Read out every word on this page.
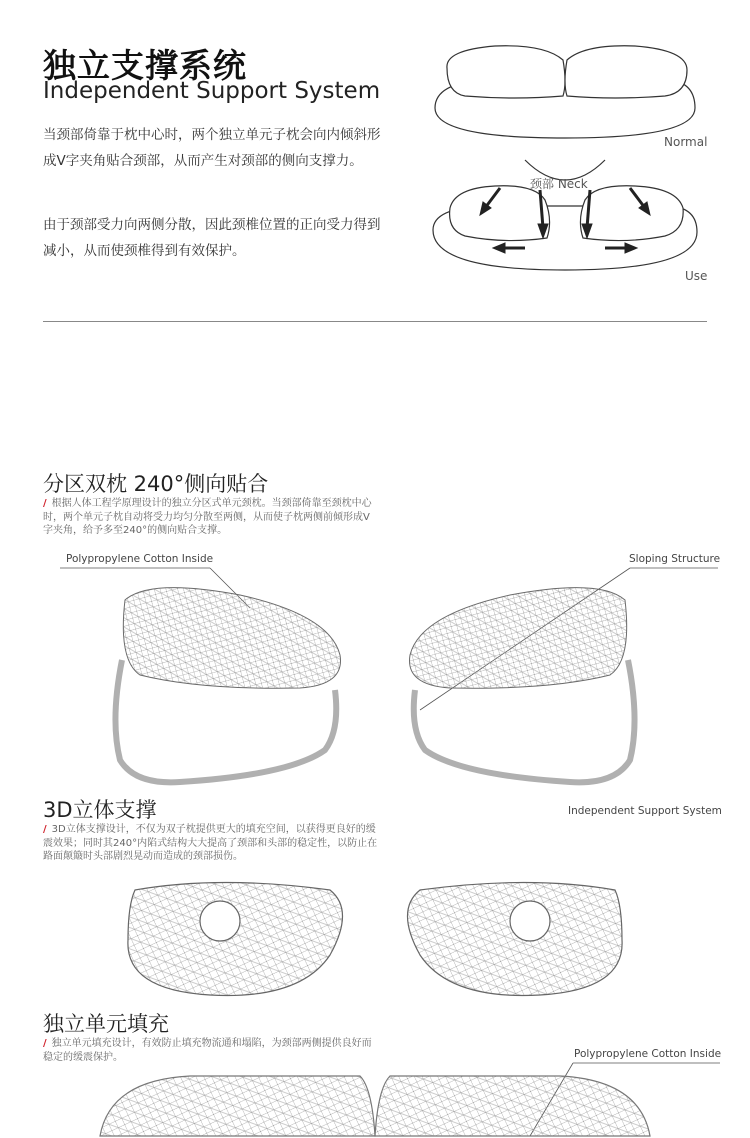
独立支撑系统
Independent Support System
当颈部倚靠于枕中心时，两个独立单元子枕会向内倾斜形成V字夹角贴合颈部，从而产生对颈部的侧向支撑力。
由于颈部受力向两侧分散，因此颈椎位置的正向受力得到减小，从而使颈椎得到有效保护。
Normal
颈部 Neck
Use
分区双枕 240°侧向贴合
/ 根据人体工程学原理设计的独立分区式单元颈枕。当颈部倚靠至颈枕中心时，两个单元子枕自动将受力均匀分散至两侧，从而使子枕两侧前倾形成V字夹角，给予多至240°的侧向贴合支撑。
Polypropylene Cotton Inside	Sloping Structure
3D立体支撑	Independent Support System
/ 3D立体支撑设计，不仅为双子枕提供更大的填充空间，以获得更良好的缓震效果；同时其240°内陷式结构大大提高了颈部和头部的稳定性，以防止在路面颠簸时头部剧烈晃动而造成的颈部损伤。
独立单元填充
/ 独立单元填充设计，有效防止填充物流通和塌陷，为颈部两侧提供良好而稳定的缓震保护。	Polypropylene Cotton Inside
